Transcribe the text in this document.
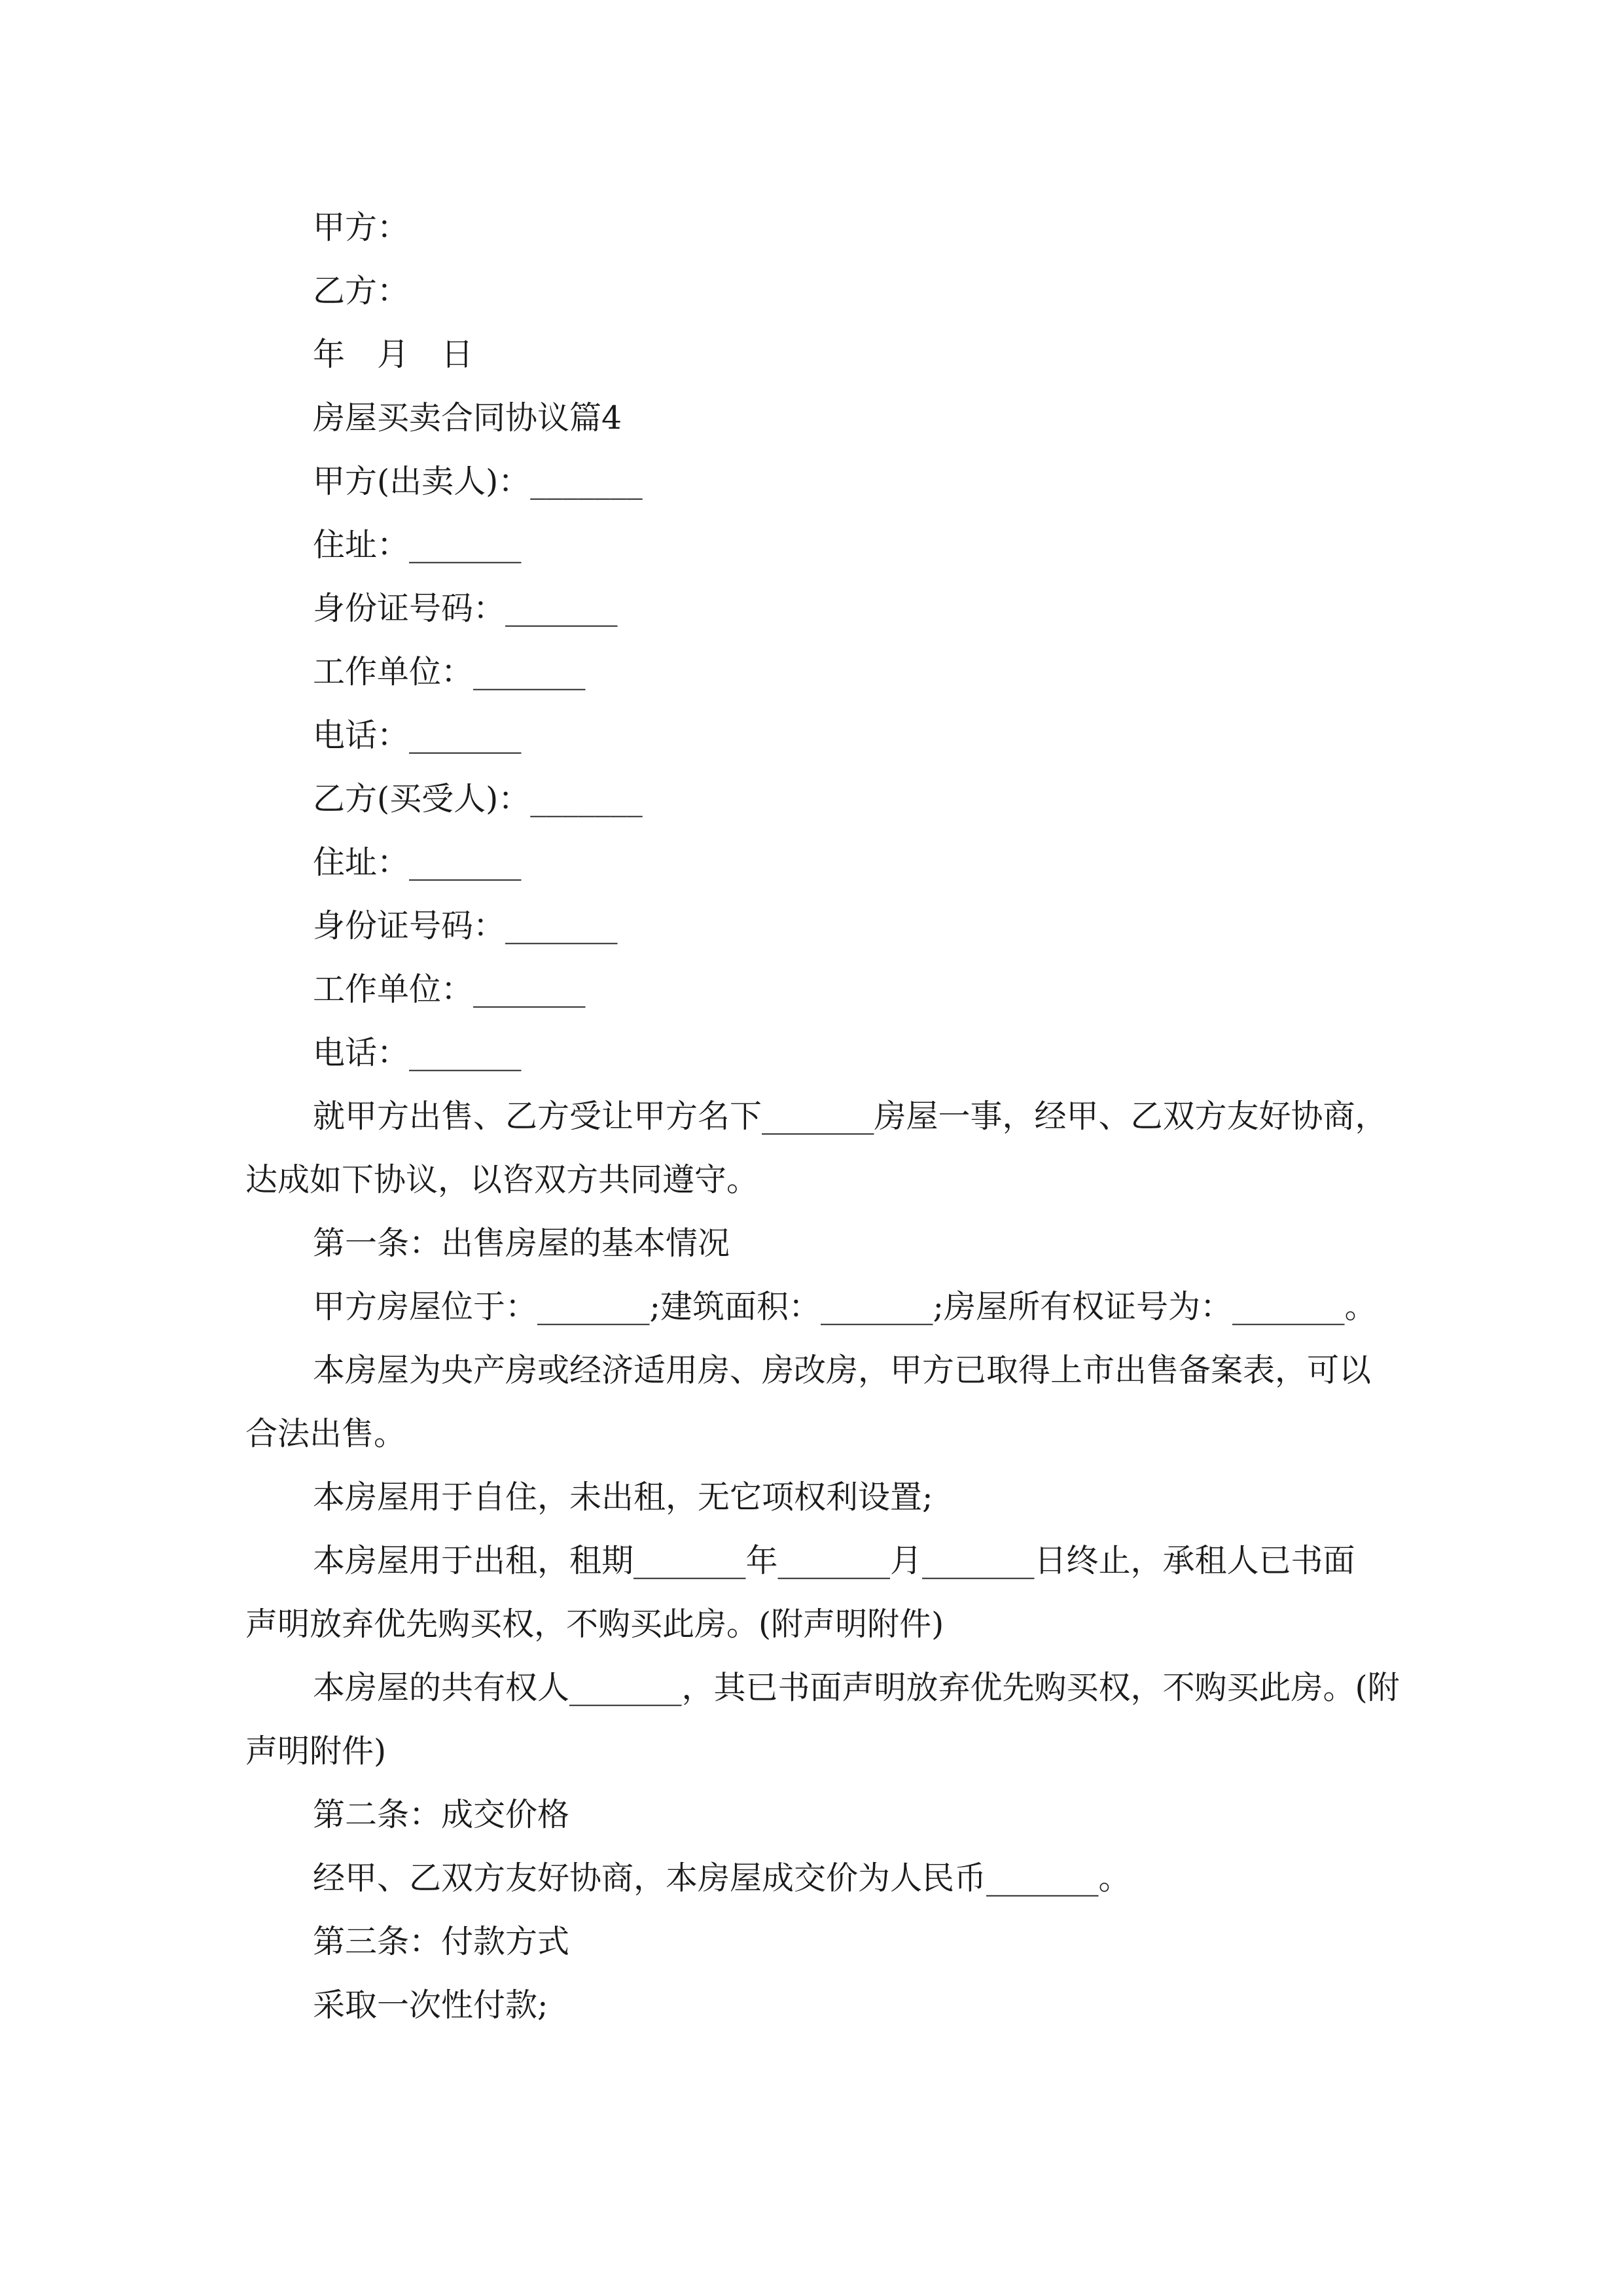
甲方：
乙方：
年　月　日
房屋买卖合同协议篇4
甲方(出卖人)：_______
住址：_______
身份证号码：_______
工作单位：_______
电话：_______
乙方(买受人)：_______
住址：_______
身份证号码：_______
工作单位：_______
电话：_______
就甲方出售、乙方受让甲方名下_______房屋一事，经甲、乙双方友好协商，
达成如下协议，以咨双方共同遵守。
第一条：出售房屋的基本情况
甲方房屋位于：_______;建筑面积：_______;房屋所有权证号为：_______。
本房屋为央产房或经济适用房、房改房，甲方已取得上市出售备案表，可以
合法出售。
本房屋用于自住，未出租，无它项权利设置;
本房屋用于出租，租期_______年_______月_______日终止，承租人已书面
声明放弃优先购买权，不购买此房。(附声明附件)
本房屋的共有权人_______，其已书面声明放弃优先购买权，不购买此房。(附
声明附件)
第二条：成交价格
经甲、乙双方友好协商，本房屋成交价为人民币_______。
第三条：付款方式
采取一次性付款;
